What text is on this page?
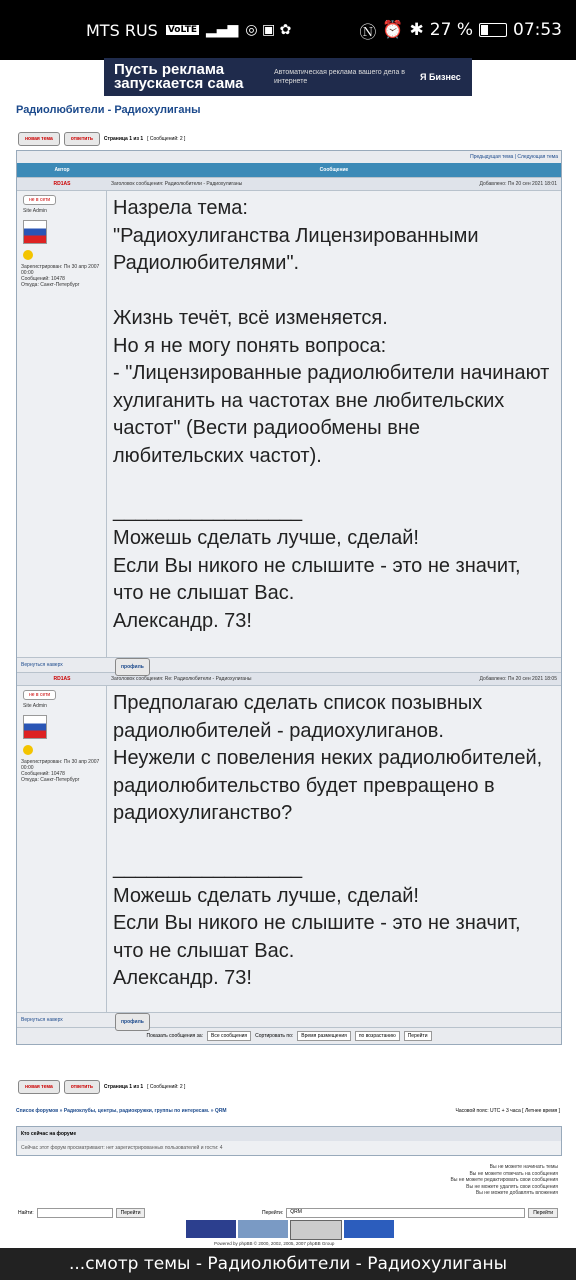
MTS RUS VoLTE ▂▄▆ ◎ ▣ ✿	Ⓝ ⏰ ✱ 27 % 07:53
Пусть реклама запускается сама
Автоматическая реклама вашего дела в интернете	Я Бизнес
Радиолюбители - Радиохулиганы
новая тема	ответить	Страница 1 из 1 [ Сообщений: 2 ]
Предыдущая тема | Следующая тема
Автор	Сообщение
RD1AS	Заголовок сообщения: Радиолюбители - Радиохулиганы	Добавлено: Пн 20 сен 2021 18:01
не в сети
Site Admin
Зарегистрирован: Пн 30 апр 2007 00:00
Сообщений: 10478
Откуда: Санкт-Петербург
Назрела тема:
"Радиохулиганства Лицензированными Радиолюбителями".

Жизнь течёт, всё изменяется.
Но я не могу понять вопроса:
- "Лицензированные радиолюбители начинают хулиганить на частотах вне любительских частот" (Вести радиообмены вне любительских частот).

_________________
Можешь сделать лучше, сделай!
Если Вы никого не слышите - это не значит, что не слышат Вас.
Александр. 73!
Вернуться наверх	профиль
RD1AS	Заголовок сообщения: Re: Радиолюбители - Радиохулиганы	Добавлено: Пн 20 сен 2021 18:05
не в сети
Site Admin
Зарегистрирован: Пн 30 апр 2007 00:00
Сообщений: 10478
Откуда: Санкт-Петербург
Предполагаю сделать список позывных радиолюбителей - радиохулиганов.
Неужели с повеления неких радиолюбителей, радиолюбительство будет превращено в радиохулиганство?

_________________
Можешь сделать лучше, сделай!
Если Вы никого не слышите - это не значит, что не слышат Вас.
Александр. 73!
Вернуться наверх	профиль
Показать сообщения за:	Все сообщения	Сортировать по:	Время размещения	по возрастанию	Перейти
новая тема	ответить	Страница 1 из 1 [ Сообщений: 2 ]
Список форумов » Радиоклубы, центры, радиокружки, группы по интересам. » QRM	Часовой пояс: UTC + 3 часа [ Летнее время ]
Кто сейчас на форуме
Сейчас этот форум просматривают: нет зарегистрированных пользователей и гости: 4
Вы не можете начинать темы
Вы не можете отвечать на сообщения
Вы не можете редактировать свои сообщения
Вы не можете удалять свои сообщения
Вы не можете добавлять вложения
Найти:	Перейти	Перейти:	QRM	Перейти
Powered by phpBB © 2000, 2002, 2005, 2007 phpBB Group
...смотр темы - Радиолюбители - Радиохулиганы
